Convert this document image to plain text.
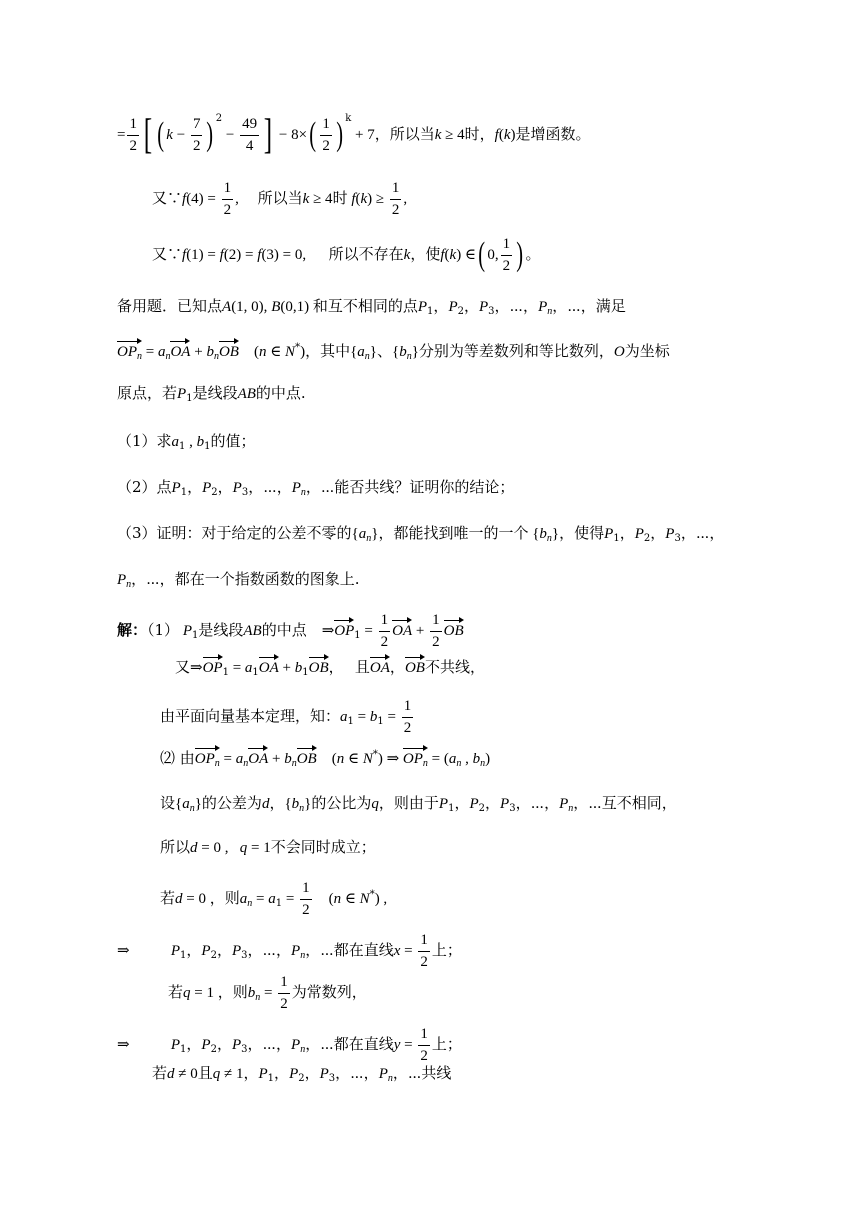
= $\frac{1}{2}$ [ ( $k - \frac{7}{2}$ ) $^2 - \frac{49}{4}$ ] − $8\times( \frac{1}{2}$ ) $^k$ + 7，所以当k ≥ 4时，f(k)是增函数。
又∵f(4) = $\frac{1}{2}$ ,     所以当k ≥ 4时 $f(k) \ge \frac{1}{2}$ ,
又∵f(1) = f(2) = f(3) = 0,      所以不存在k，使f(k) ∈( 0, $\frac{1}{2}$ ) 。
备用题．已知点A(1, 0), B(0,1) 和互不相同的点$P_1$，$P_2$，$P_3$，⋯，$P_n$，⋯，满足
$OP_n = a_nOA + b_nOB$    (n ∈ N*)，其中$\{a_n\}$、$\{b_n\}$分别为等差数列和等比数列，O为坐标
原点，若$P_1$是线段AB的中点.
（1）求$a_1$ , $b_1$的值；
（2）点$P_1$，$P_2$，$P_3$，⋯，$P_n$，⋯能否共线？证明你的结论；
（3）证明：对于给定的公差不零的$\{a_n\}$，都能找到唯一的一个 $\{b_n\}$，使得$P_1$，$P_2$，$P_3$，⋯，
$P_n$，⋯，都在一个指数函数的图象上.
解：（1） $P_1$是线段AB的中点    $\Rightarrow OP_1 = \frac{1}{2}$ OA + $\frac{1}{2}$ OB
又$\Rightarrow OP_1 = a_1OA + b_1OB$，   且OA，OB不共线，
由平面向量基本定理，知：$a_1 = b_1 = \frac{1}{2}$
⑵ 由$OP_n = a_nOA + b_nOB$    (n ∈ N*) ⇒ $OP_n = (a_n$ , $b_n$)
设$\{a_n\}$的公差为d，$\{b_n\}$的公比为q，则由于$P_1$，$P_2$，$P_3$，⋯，$P_n$，⋯互不相同，
所以d = 0 ,   q = 1不会同时成立；
若d = 0 ，则$a_n = a_1 = \frac{1}{2} (n$ ∈ N*) ,
⇒	$P_1$，$P_2$，$P_3$，⋯，$P_n$，⋯都在直线$x = \frac{1}{2}$ 上；
若q = 1 ，则$b_n = \frac{1}{2}$ 为常数列，
⇒	$P_1$，$P_2$，$P_3$，⋯，$P_n$，⋯都在直线$y = \frac{1}{2}$ 上；
若d ≠ 0且q ≠ 1，$P_1$，$P_2$，$P_3$，⋯，$P_n$，⋯共线
